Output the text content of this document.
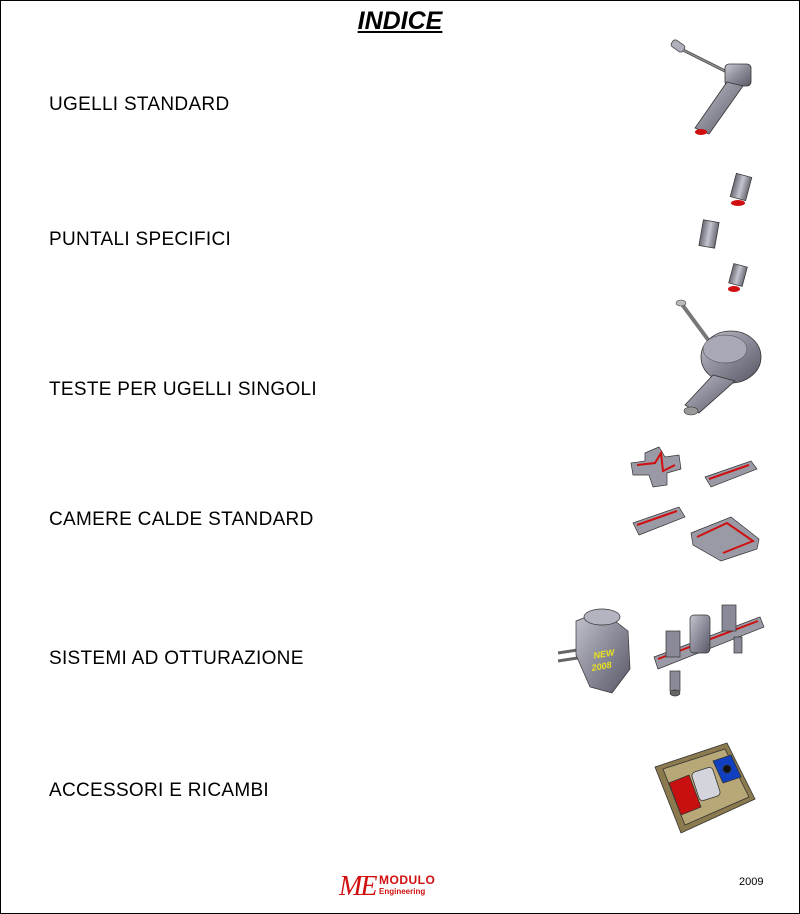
INDICE
UGELLI STANDARD
PUNTALI SPECIFICI
TESTE PER UGELLI SINGOLI
CAMERE CALDE STANDARD
SISTEMI AD OTTURAZIONE	NEW
2008
ACCESSORI E RICAMBI
ME MODULO
Engineering
2009
